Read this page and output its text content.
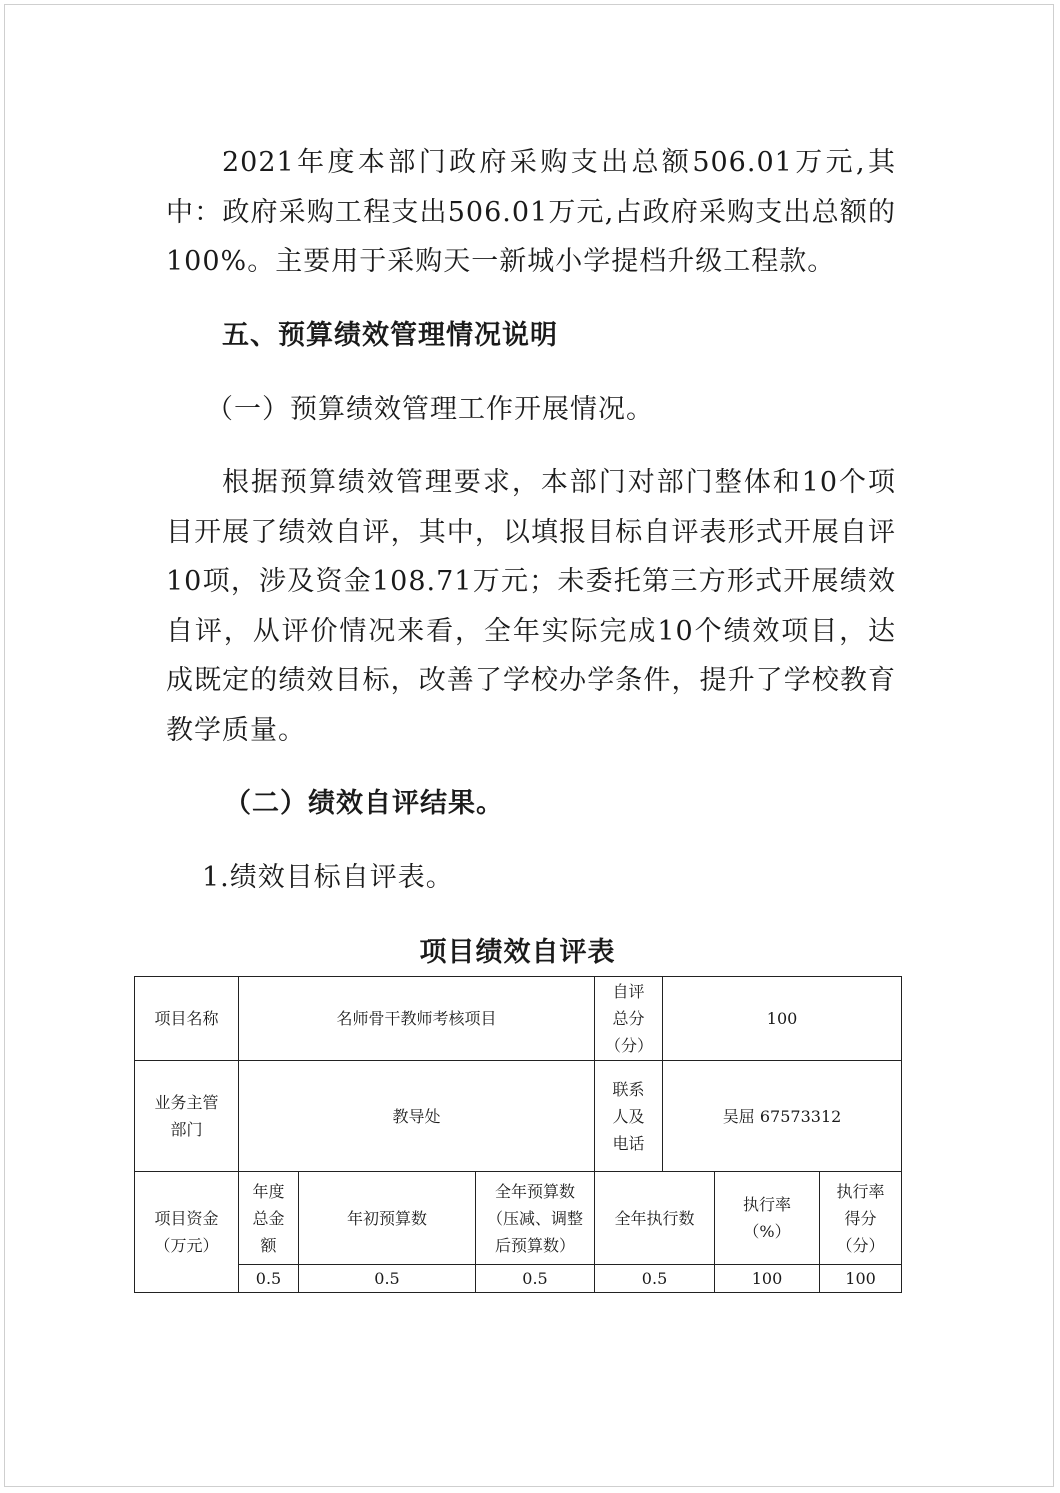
2021年度本部门政府采购支出总额506.01万元,其中：政府采购工程支出506.01万元,占政府采购支出总额的100%。主要用于采购天一新城小学提档升级工程款。

五、预算绩效管理情况说明
（一）预算绩效管理工作开展情况。

根据预算绩效管理要求，本部门对部门整体和10个项目开展了绩效自评，其中，以填报目标自评表形式开展自评10项，涉及资金108.71万元；未委托第三方形式开展绩效自评，从评价情况来看，全年实际完成10个绩效项目，达成既定的绩效目标，改善了学校办学条件，提升了学校教育教学质量。

（二）绩效自评结果。
1.绩效目标自评表。
项目绩效自评表
项目名称	名师骨干教师考核项目			自评总分（分）	100		
业务主管部门	教导处			联系人及电话	吴屈 67573312		
项目资金（万元）	年度总金额	年初预算数	全年预算数（压减、调整后预算数）	全年执行数		执行率（%）	执行率得分（分）
	0.5	0.5	0.5	0.5		100	100
